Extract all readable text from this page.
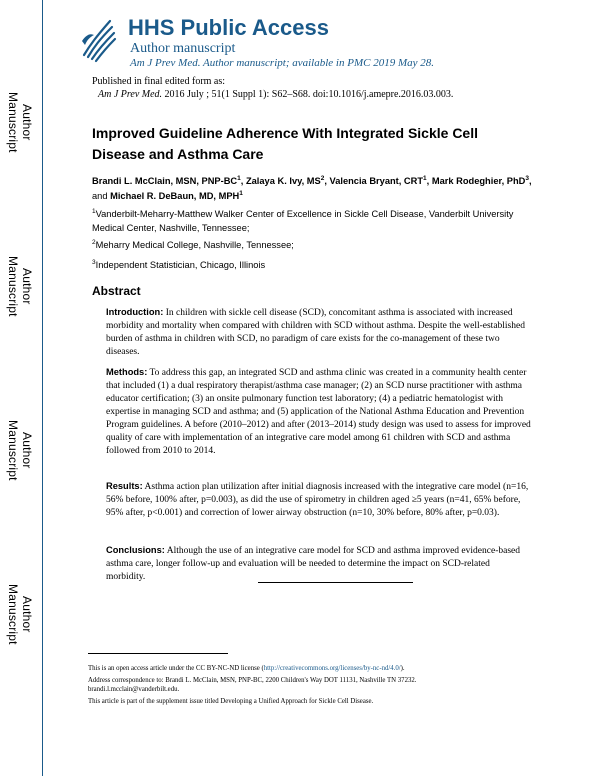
Author Manuscript
Author Manuscript
Author Manuscript
Author Manuscript
HHS Public Access
Author manuscript
Am J Prev Med. Author manuscript; available in PMC 2019 May 28.
Published in final edited form as:
Am J Prev Med. 2016 July ; 51(1 Suppl 1): S62–S68. doi:10.1016/j.amepre.2016.03.003.
Improved Guideline Adherence With Integrated Sickle Cell Disease and Asthma Care
Brandi L. McClain, MSN, PNP-$BC^1$, Zalaya K. Ivy, $MS^2$, Valencia Bryant, CRT$^1$, Mark Rodeghier, PhD$^3$, and Michael R. DeBaun, MD, MPH$^1$
$^1$Vanderbilt-Meharry-Matthew Walker Center of Excellence in Sickle Cell Disease, Vanderbilt University Medical Center, Nashville, Tennessee;
$^2$Meharry Medical College, Nashville, Tennessee;
$^3$Independent Statistician, Chicago, Illinois
Abstract
Introduction: In children with sickle cell disease (SCD), concomitant asthma is associated with increased morbidity and mortality when compared with children with SCD without asthma. Despite the well-established burden of asthma in children with SCD, no paradigm of care exists for the co-management of these two diseases.
Methods: To address this gap, an integrated SCD and asthma clinic was created in a community health center that included (1) a dual respiratory therapist/asthma case manager; (2) an SCD nurse practitioner with asthma educator certification; (3) an onsite pulmonary function test laboratory; (4) a pediatric hematologist with expertise in managing SCD and asthma; and (5) application of the National Asthma Education and Prevention Program guidelines. A before (2010–2012) and after (2013–2014) study design was used to assess for improved quality of care with implementation of an integrative care model among 61 children with SCD and asthma followed from 2010 to 2014.
Results: Asthma action plan utilization after initial diagnosis increased with the integrative care model (n=16, 56% before, 100% after, p=0.003), as did the use of spirometry in children aged ≥5 years (n=41, 65% before, 95% after, p<0.001) and correction of lower airway obstruction (n=10, 30% before, 80% after, p=0.03).
Conclusions: Although the use of an integrative care model for SCD and asthma improved evidence-based asthma care, longer follow-up and evaluation will be needed to determine the impact on SCD-related morbidity.
This is an open access article under the CC BY-NC-ND license (http://creativecommons.org/licenses/by-nc-nd/4.0/).
Address correspondence to: Brandi L. McClain, MSN, PNP-BC, 2200 Children's Way DOT 11131, Nashville TN 37232. brandi.l.mcclain@vanderbilt.edu.
This article is part of the supplement issue titled Developing a Unified Approach for Sickle Cell Disease.
